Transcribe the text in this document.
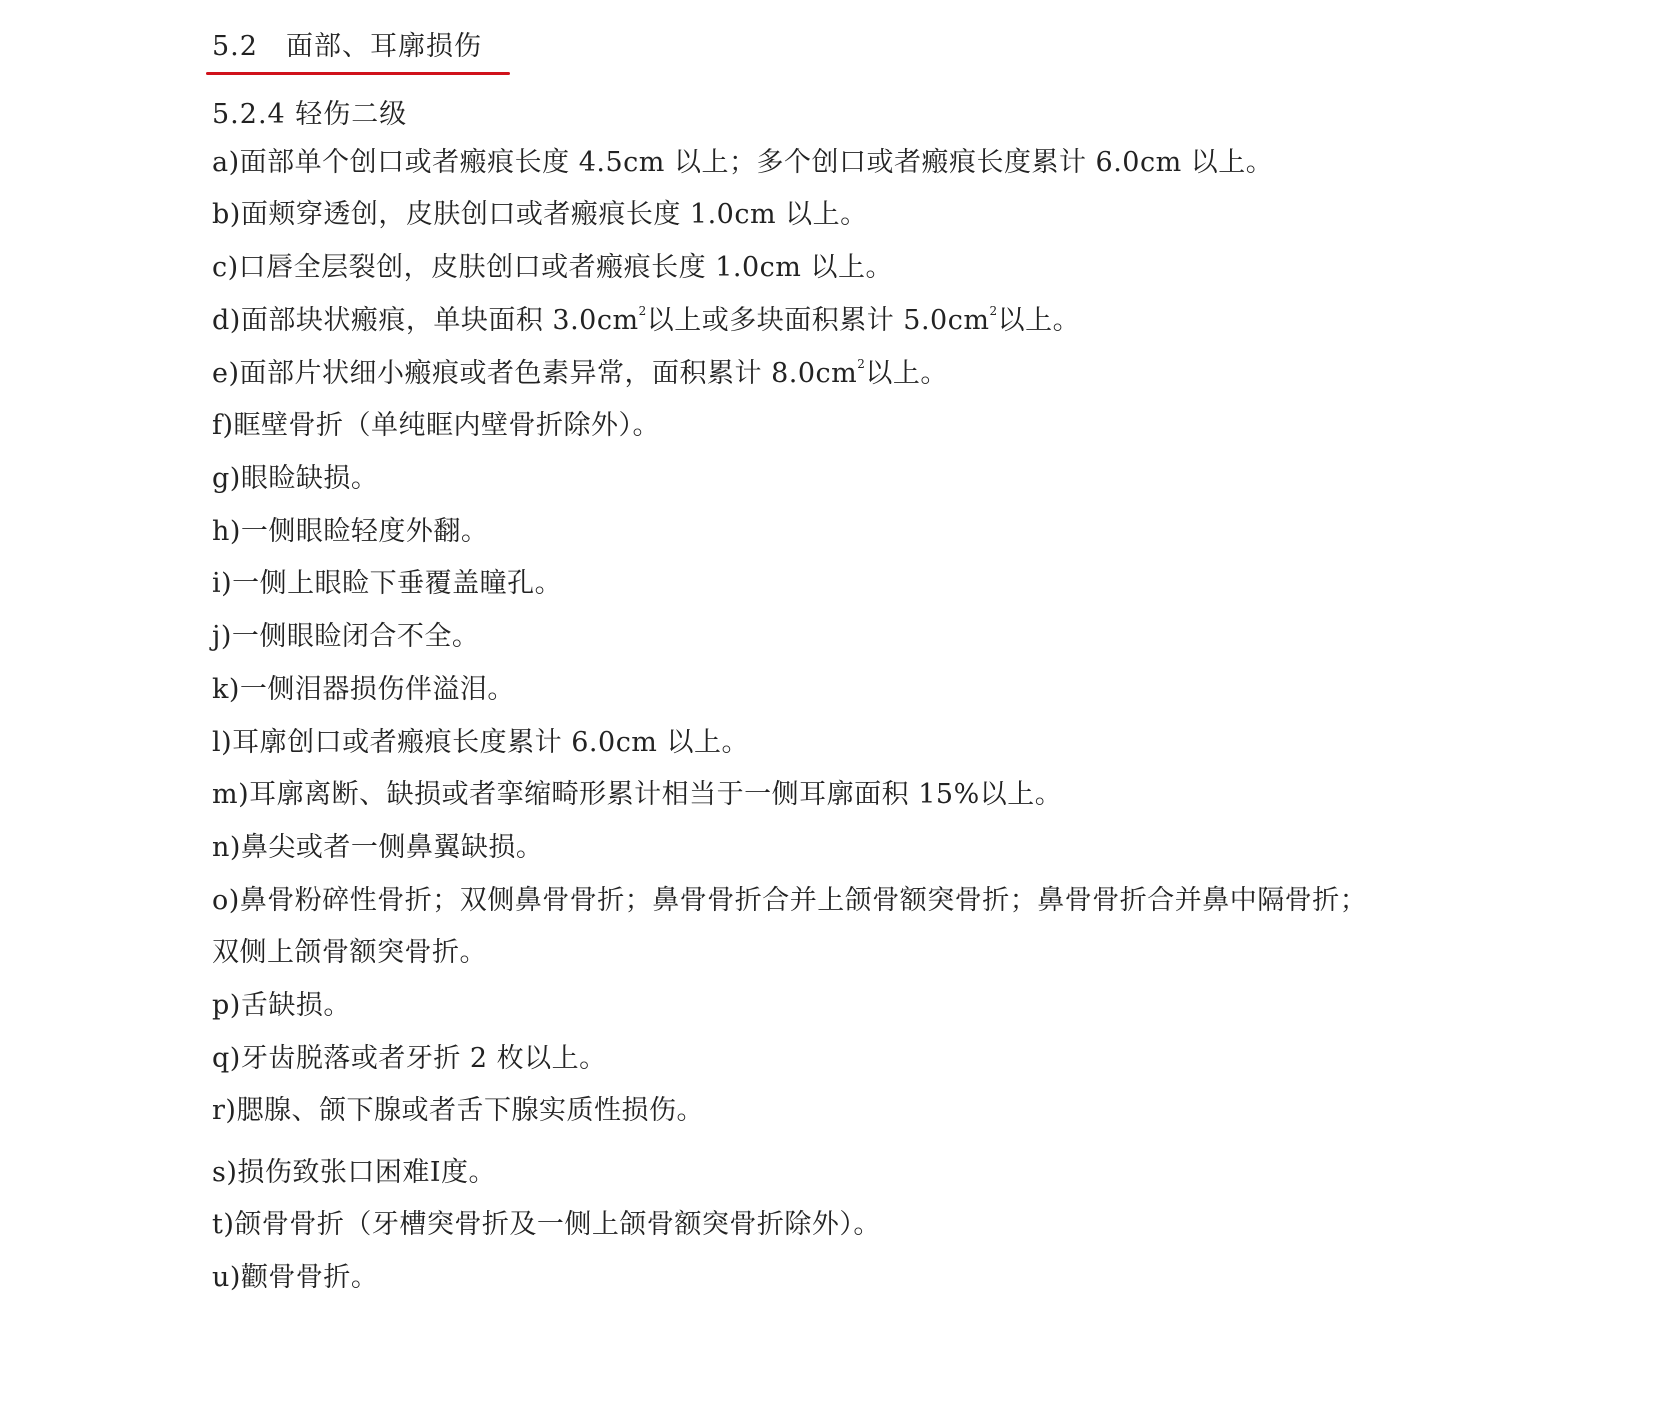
5.2　面部、耳廓损伤
5.2.4 轻伤二级
a)面部单个创口或者瘢痕长度 4.5cm 以上；多个创口或者瘢痕长度累计 6.0cm 以上。
b)面颊穿透创，皮肤创口或者瘢痕长度 1.0cm 以上。
c)口唇全层裂创，皮肤创口或者瘢痕长度 1.0cm 以上。
d)面部块状瘢痕，单块面积 $3.0cm^2$以上或多块面积累计 $5.0cm^2$以上。
e)面部片状细小瘢痕或者色素异常，面积累计 $8.0cm^2$以上。
f)眶壁骨折（单纯眶内壁骨折除外）。
g)眼睑缺损。
h)一侧眼睑轻度外翻。
i)一侧上眼睑下垂覆盖瞳孔。
j)一侧眼睑闭合不全。
k)一侧泪器损伤伴溢泪。
l)耳廓创口或者瘢痕长度累计 6.0cm 以上。
m)耳廓离断、缺损或者挛缩畸形累计相当于一侧耳廓面积 15%以上。
n)鼻尖或者一侧鼻翼缺损。
o)鼻骨粉碎性骨折；双侧鼻骨骨折；鼻骨骨折合并上颌骨额突骨折；鼻骨骨折合并鼻中隔骨折；
双侧上颌骨额突骨折。
p)舌缺损。
q)牙齿脱落或者牙折 2 枚以上。
r)腮腺、颌下腺或者舌下腺实质性损伤。
s)损伤致张口困难Ⅰ度。
t)颌骨骨折（牙槽突骨折及一侧上颌骨额突骨折除外）。
u)颧骨骨折。
